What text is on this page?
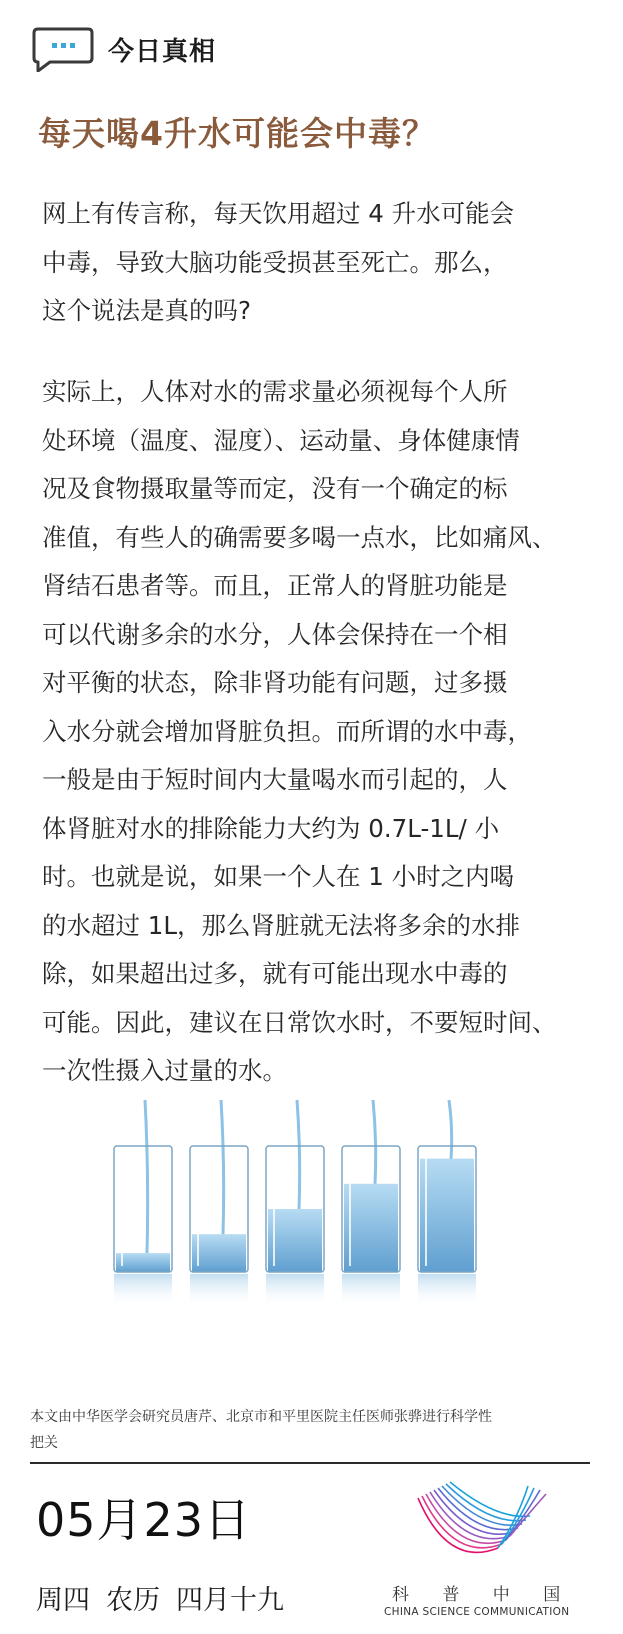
今日真相
每天喝4升水可能会中毒？
网上有传言称，每天饮用超过 4 升水可能会
中毒，导致大脑功能受损甚至死亡。那么，
这个说法是真的吗?
实际上，人体对水的需求量必须视每个人所
处环境（温度、湿度）、运动量、身体健康情
况及食物摄取量等而定，没有一个确定的标
准值，有些人的确需要多喝一点水，比如痛风、
肾结石患者等。而且，正常人的肾脏功能是
可以代谢多余的水分，人体会保持在一个相
对平衡的状态，除非肾功能有问题，过多摄
入水分就会增加肾脏负担。而所谓的水中毒，
一般是由于短时间内大量喝水而引起的，人
体肾脏对水的排除能力大约为 0.7L-1L/ 小
时。也就是说，如果一个人在 1 小时之内喝
的水超过 1L，那么肾脏就无法将多余的水排
除，如果超出过多，就有可能出现水中毒的
可能。因此，建议在日常饮水时，不要短时间、
一次性摄入过量的水。
本文由中华医学会研究员唐芹、北京市和平里医院主任医师张骅进行科学性
把关
05月23日
周四 农历 四月十九	科 普 中 国
CHINA SCIENCE COMMUNICATION
